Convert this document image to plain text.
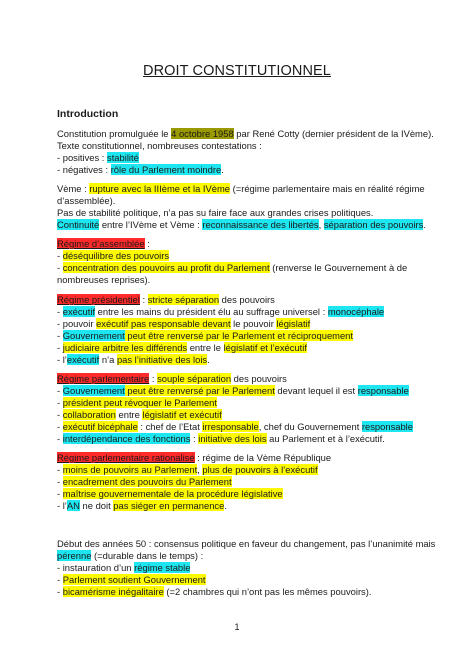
DROIT CONSTITUTIONNEL
Introduction
Constitution promulguée le 4 octobre 1958 par René Cotty (dernier président de la IVème).
Texte constitutionnel, nombreuses contestations :
- positives : stabilité
- négatives : rôle du Parlement moindre.
Vème : rupture avec la IIIème et la IVème (=régime parlementaire mais en réalité régime
d’assemblée).
Pas de stabilité politique, n’a pas su faire face aux grandes crises politiques.
Continuité entre l’IVème et Vème : reconnaissance des libertés, séparation des pouvoirs.
Régime d’assemblée :
- déséquilibre des pouvoirs
- concentration des pouvoirs au profit du Parlement (renverse le Gouvernement à de
nombreuses reprises).
Régime présidentiel : stricte séparation des pouvoirs
- exécutif entre les mains du président élu au suffrage universel : monocéphale
- pouvoir exécutif pas responsable devant le pouvoir législatif
- Gouvernement peut être renversé par le Parlement et réciproquement
- judiciaire arbitre les différends entre le législatif et l’exécutif
- l’exécutif n’a pas l’initiative des lois.
Régime parlementaire : souple séparation des pouvoirs
- Gouvernement peut être renversé par le Parlement devant lequel il est responsable
- président peut révoquer le Parlement
- collaboration entre législatif et exécutif
- exécutif bicéphale : chef de l’Etat irresponsable, chef du Gouvernement responsable
- interdépendance des fonctions : initiative des lois au Parlement et à l’exécutif.
Régime parlementaire rationalisé : régime de la Vème République
- moins de pouvoirs au Parlement, plus de pouvoirs à l’exécutif
- encadrement des pouvoirs du Parlement
- maîtrise gouvernementale de la procédure législative
- l’AN ne doit pas siéger en permanence.
Début des années 50 : consensus politique en faveur du changement, pas l’unanimité mais
pérenne (=durable dans le temps) :
- instauration d’un régime stable
- Parlement soutient Gouvernement
- bicamérisme inégalitaire (=2 chambres qui n’ont pas les mêmes pouvoirs).
1
